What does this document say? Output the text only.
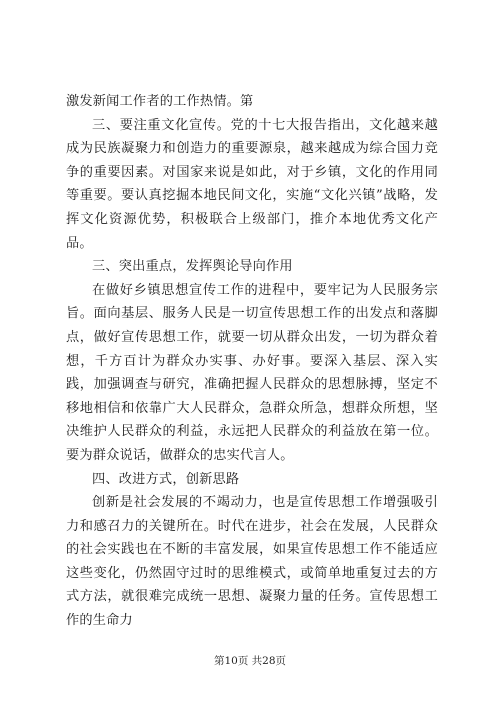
激发新闻工作者的工作热情。第

三、要注重文化宣传。党的十七大报告指出，文化越来越成为民族凝聚力和创造力的重要源泉，越来越成为综合国力竞争的重要因素。对国家来说是如此，对于乡镇，文化的作用同等重要。要认真挖掘本地民间文化，实施“文化兴镇”战略，发挥文化资源优势，积极联合上级部门，推介本地优秀文化产品。

三、突出重点，发挥舆论导向作用

在做好乡镇思想宣传工作的进程中，要牢记为人民服务宗旨。面向基层、服务人民是一切宣传思想工作的出发点和落脚点，做好宣传思想工作，就要一切从群众出发，一切为群众着想，千方百计为群众办实事、办好事。要深入基层、深入实践，加强调查与研究，准确把握人民群众的思想脉搏，坚定不移地相信和依靠广大人民群众，急群众所急，想群众所想，坚决维护人民群众的利益，永远把人民群众的利益放在第一位。要为群众说话，做群众的忠实代言人。

四、改进方式，创新思路

创新是社会发展的不竭动力，也是宣传思想工作增强吸引力和感召力的关键所在。时代在进步，社会在发展，人民群众的社会实践也在不断的丰富发展，如果宣传思想工作不能适应这些变化，仍然固守过时的思维模式，或简单地重复过去的方式方法，就很难完成统一思想、凝聚力量的任务。宣传思想工作的生命力

第10页 共28页
